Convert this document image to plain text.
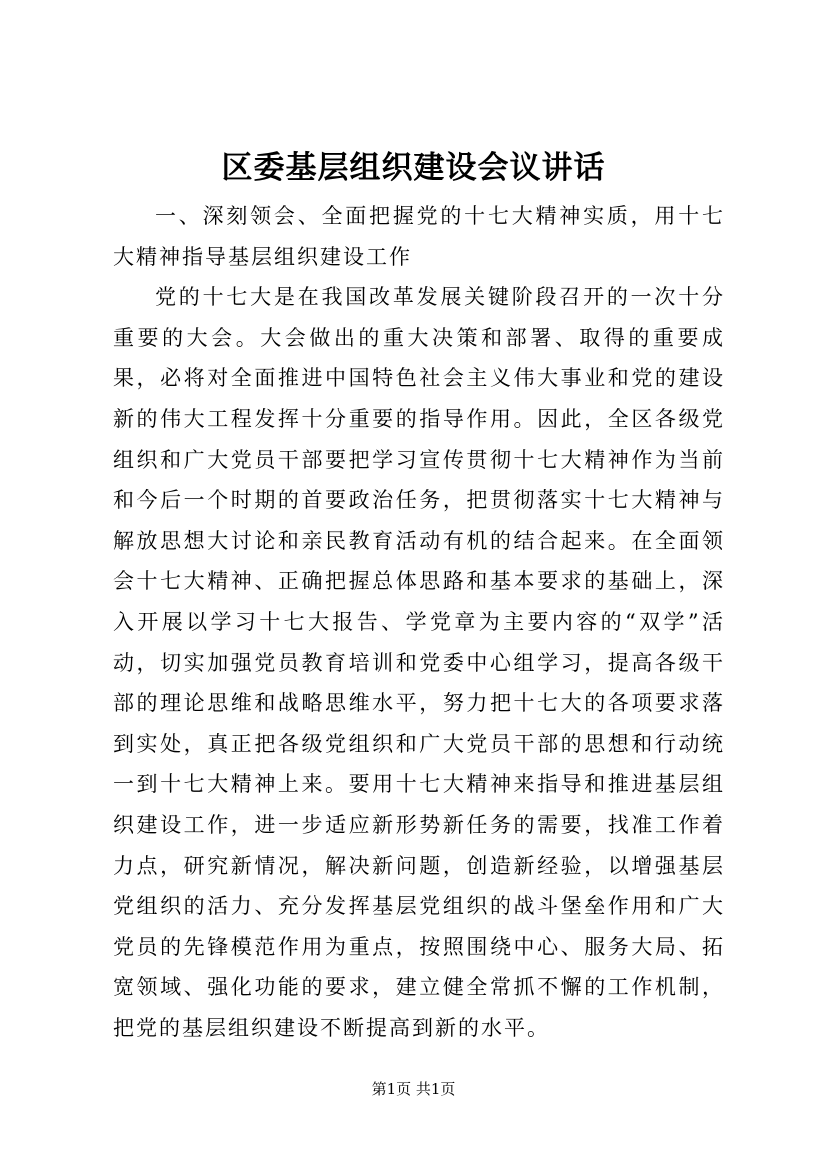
区委基层组织建设会议讲话

一、深刻领会、全面把握党的十七大精神实质，用十七大精神指导基层组织建设工作

党的十七大是在我国改革发展关键阶段召开的一次十分重要的大会。大会做出的重大决策和部署、取得的重要成果，必将对全面推进中国特色社会主义伟大事业和党的建设新的伟大工程发挥十分重要的指导作用。因此，全区各级党组织和广大党员干部要把学习宣传贯彻十七大精神作为当前和今后一个时期的首要政治任务，把贯彻落实十七大精神与解放思想大讨论和亲民教育活动有机的结合起来。在全面领会十七大精神、正确把握总体思路和基本要求的基础上，深入开展以学习十七大报告、学党章为主要内容的“双学”活动，切实加强党员教育培训和党委中心组学习，提高各级干部的理论思维和战略思维水平，努力把十七大的各项要求落到实处，真正把各级党组织和广大党员干部的思想和行动统一到十七大精神上来。要用十七大精神来指导和推进基层组织建设工作，进一步适应新形势新任务的需要，找准工作着力点，研究新情况，解决新问题，创造新经验，以增强基层党组织的活力、充分发挥基层党组织的战斗堡垒作用和广大党员的先锋模范作用为重点，按照围绕中心、服务大局、拓宽领域、强化功能的要求，建立健全常抓不懈的工作机制，把党的基层组织建设不断提高到新的水平。

第1页 共1页
